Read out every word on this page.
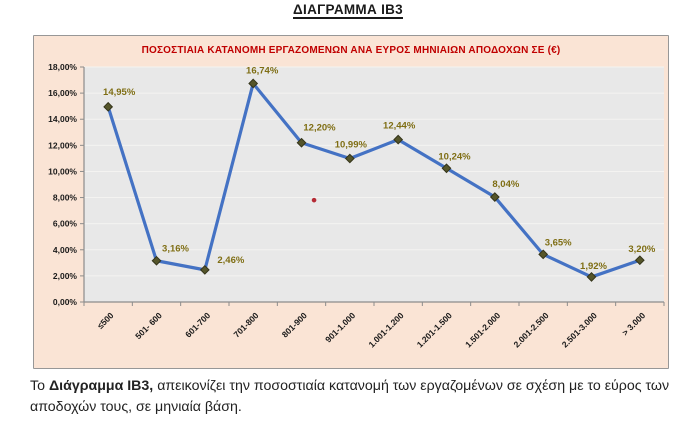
ΔΙΑΓΡΑΜΜΑ ΙΒ3
ΠΟΣΟΣΤΙΑΙΑ ΚΑΤΑΝΟΜΗ ΕΡΓΑΖΟΜΕΝΩΝ ΑΝΑ ΕΥΡΟΣ ΜΗΝΙΑΙΩΝ ΑΠΟΔΟΧΩΝ ΣΕ (€)
0,00%
2,00%
4,00%
6,00%
8,00%
10,00%
12,00%
14,00%
16,00%
18,00%
≤500 501- 600 601-700 701-800 801-900 901-1.000 1.001-1.200 1.201-1.500 1.501-2.000 2.001-2.500 2.501-3.000 > 3.000
14,95%
3,16%
2,46%
16,74%
12,20%
10,99%
12,44%
10,24%
8,04%
3,65%
1,92%
3,20%

Το Διάγραμμα ΙΒ3, απεικονίζει την ποσοστιαία κατανομή των εργαζομένων σε σχέση με το εύρος των αποδοχών τους, σε μηνιαία βάση.
